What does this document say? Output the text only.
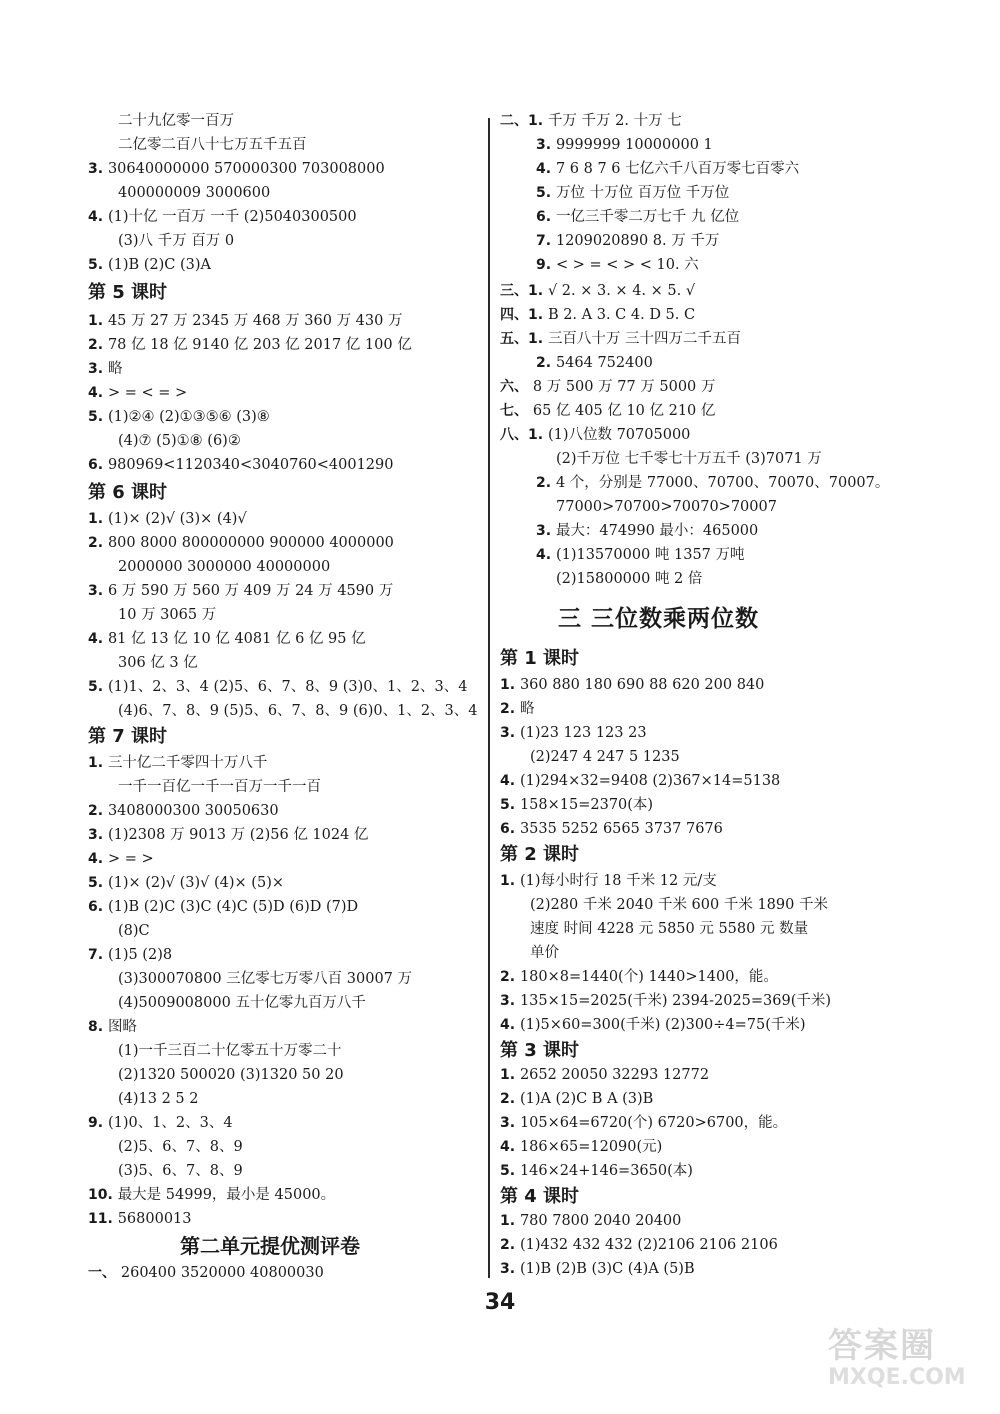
二十九亿零一百万
二亿零二百八十七万五千五百
3. 30640000000 570000300 703008000
400000009 3000600
4. (1)十亿 一百万 一千 (2)5040300500
(3)八 千万 百万 0
5. (1)B (2)C (3)A
第 5 课时
1. 45 万 27 万 2345 万 468 万 360 万 430 万
2. 78 亿 18 亿 9140 亿 203 亿 2017 亿 100 亿
3. 略
4. > = < = >
5. (1)②④ (2)①③⑤⑥ (3)⑧
(4)⑦ (5)①⑧ (6)②
6. 980969<1120340<3040760<4001290
第 6 课时
1. (1)× (2)√ (3)× (4)√
2. 800 8000 800000000 900000 4000000
2000000 3000000 40000000
3. 6 万 590 万 560 万 409 万 24 万 4590 万
10 万 3065 万
4. 81 亿 13 亿 10 亿 4081 亿 6 亿 95 亿
306 亿 3 亿
5. (1)1、2、3、4 (2)5、6、7、8、9 (3)0、1、2、3、4
(4)6、7、8、9 (5)5、6、7、8、9 (6)0、1、2、3、4
第 7 课时
1. 三十亿二千零四十万八千
一千一百亿一千一百万一千一百
2. 3408000300 30050630
3. (1)2308 万 9013 万 (2)56 亿 1024 亿
4. > = >
5. (1)× (2)√ (3)√ (4)× (5)×
6. (1)B (2)C (3)C (4)C (5)D (6)D (7)D
(8)C
7. (1)5 (2)8
(3)300070800 三亿零七万零八百 30007 万
(4)5009008000 五十亿零九百万八千
8. 图略
(1)一千三百二十亿零五十万零二十
(2)1320 500020 (3)1320 50 20
(4)13 2 5 2
9. (1)0、1、2、3、4
(2)5、6、7、8、9
(3)5、6、7、8、9
10. 最大是 54999，最小是 45000。
11. 56800013
第二单元提优测评卷
一、 260400 3520000 40800030
二、1. 千万 千万 2. 十万 七
3. 9999999 10000000 1
4. 7 6 8 7 6 七亿六千八百万零七百零六
5. 万位 十万位 百万位 千万位
6. 一亿三千零二万七千 九 亿位
7. 1209020890 8. 万 千万
9. < > = < > < 10. 六
三、1. √ 2. × 3. × 4. × 5. √
四、1. B 2. A 3. C 4. D 5. C
五、1. 三百八十万 三十四万二千五百
2. 5464 752400
六、 8 万 500 万 77 万 5000 万
七、 65 亿 405 亿 10 亿 210 亿
八、1. (1)八位数 70705000
(2)千万位 七千零七十万五千 (3)7071 万
2. 4 个，分别是 77000、70700、70070、70007。
77000>70700>70070>70007
3. 最大：474990 最小：465000
4. (1)13570000 吨 1357 万吨
(2)15800000 吨 2 倍
三 三位数乘两位数
第 1 课时
1. 360 880 180 690 88 620 200 840
2. 略
3. (1)23 123 123 23
(2)247 4 247 5 1235
4. (1)294×32=9408 (2)367×14=5138
5. 158×15=2370(本)
6. 3535 5252 6565 3737 7676
第 2 课时
1. (1)每小时行 18 千米 12 元/支
(2)280 千米 2040 千米 600 千米 1890 千米
速度 时间 4228 元 5850 元 5580 元 数量
单价
2. 180×8=1440(个) 1440>1400，能。
3. 135×15=2025(千米) 2394-2025=369(千米)
4. (1)5×60=300(千米) (2)300÷4=75(千米)
第 3 课时
1. 2652 20050 32293 12772
2. (1)A (2)C B A (3)B
3. 105×64=6720(个) 6720>6700，能。
4. 186×65=12090(元)
5. 146×24+146=3650(本)
第 4 课时
1. 780 7800 2040 20400
2. (1)432 432 432 (2)2106 2106 2106
3. (1)B (2)B (3)C (4)A (5)B
34
答案圈
MXQE.COM
